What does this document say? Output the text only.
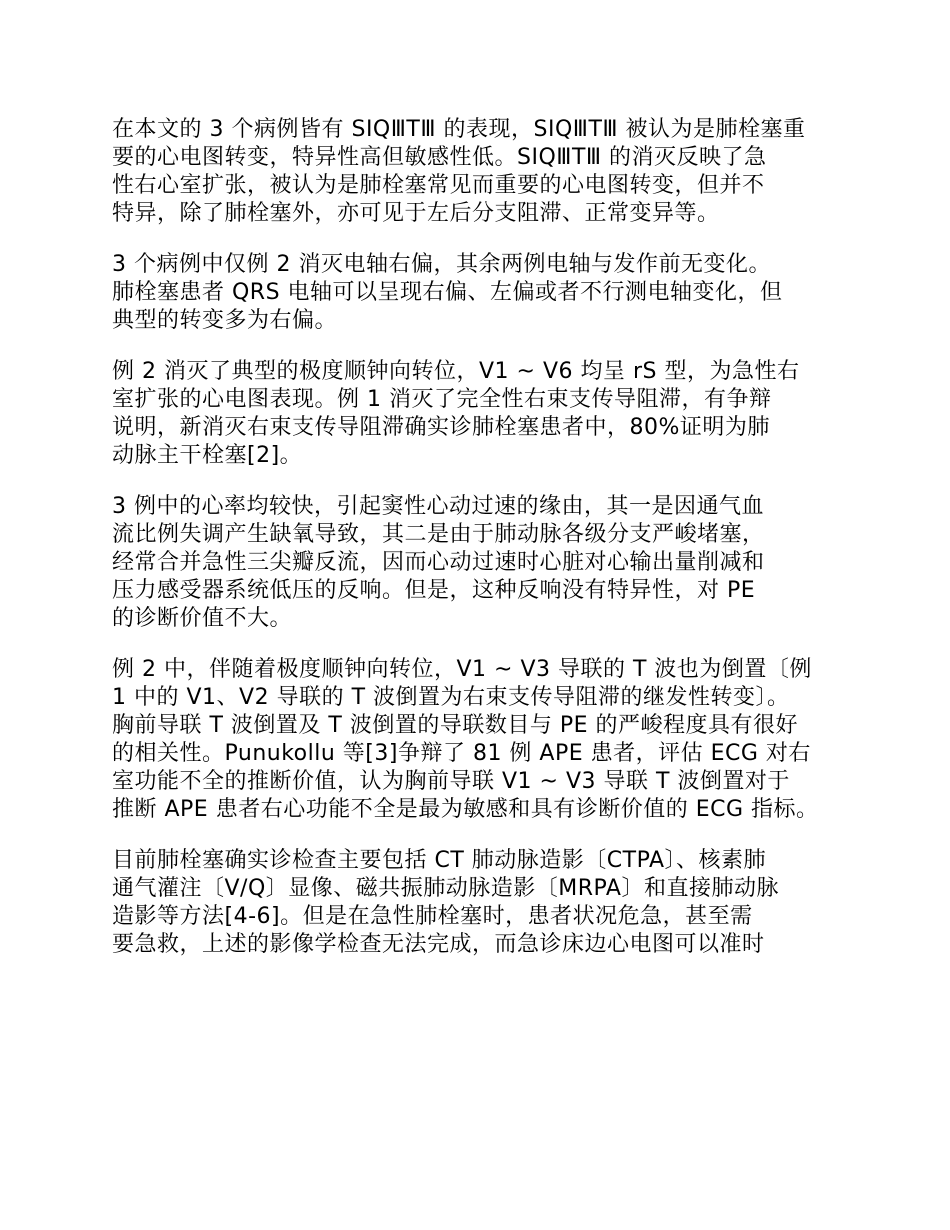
在本文的 3 个病例皆有 SIQⅢTⅢ 的表现，SIQⅢTⅢ 被认为是肺栓塞重
要的心电图转变，特异性高但敏感性低。SIQⅢTⅢ 的消灭反映了急
性右心室扩张，被认为是肺栓塞常见而重要的心电图转变，但并不
特异，除了肺栓塞外，亦可见于左后分支阻滞、正常变异等。

3 个病例中仅例 2 消灭电轴右偏，其余两例电轴与发作前无变化。
肺栓塞患者 QRS 电轴可以呈现右偏、左偏或者不行测电轴变化，但
典型的转变多为右偏。

例 2 消灭了典型的极度顺钟向转位，V1 ~ V6 均呈 rS 型，为急性右
室扩张的心电图表现。例 1 消灭了完全性右束支传导阻滞，有争辩
说明，新消灭右束支传导阻滞确实诊肺栓塞患者中，80%证明为肺
动脉主干栓塞[2]。

3 例中的心率均较快，引起窦性心动过速的缘由，其一是因通气血
流比例失调产生缺氧导致，其二是由于肺动脉各级分支严峻堵塞，
经常合并急性三尖瓣反流，因而心动过速时心脏对心输出量削减和
压力感受器系统低压的反响。但是，这种反响没有特异性，对 PE
的诊断价值不大。

例 2 中，伴随着极度顺钟向转位，V1 ~ V3 导联的 T 波也为倒置〔例
1 中的 V1、V2 导联的 T 波倒置为右束支传导阻滞的继发性转变〕。
胸前导联 T 波倒置及 T 波倒置的导联数目与 PE 的严峻程度具有很好
的相关性。Punukollu 等[3]争辩了 81 例 APE 患者，评估 ECG 对右
室功能不全的推断价值，认为胸前导联 V1 ~ V3 导联 T 波倒置对于
推断 APE 患者右心功能不全是最为敏感和具有诊断价值的 ECG 指标。

目前肺栓塞确实诊检查主要包括 CT 肺动脉造影〔CTPA〕、核素肺
通气灌注〔V/Q〕显像、磁共振肺动脉造影〔MRPA〕和直接肺动脉
造影等方法[4-6]。但是在急性肺栓塞时，患者状况危急，甚至需
要急救，上述的影像学检查无法完成，而急诊床边心电图可以准时
